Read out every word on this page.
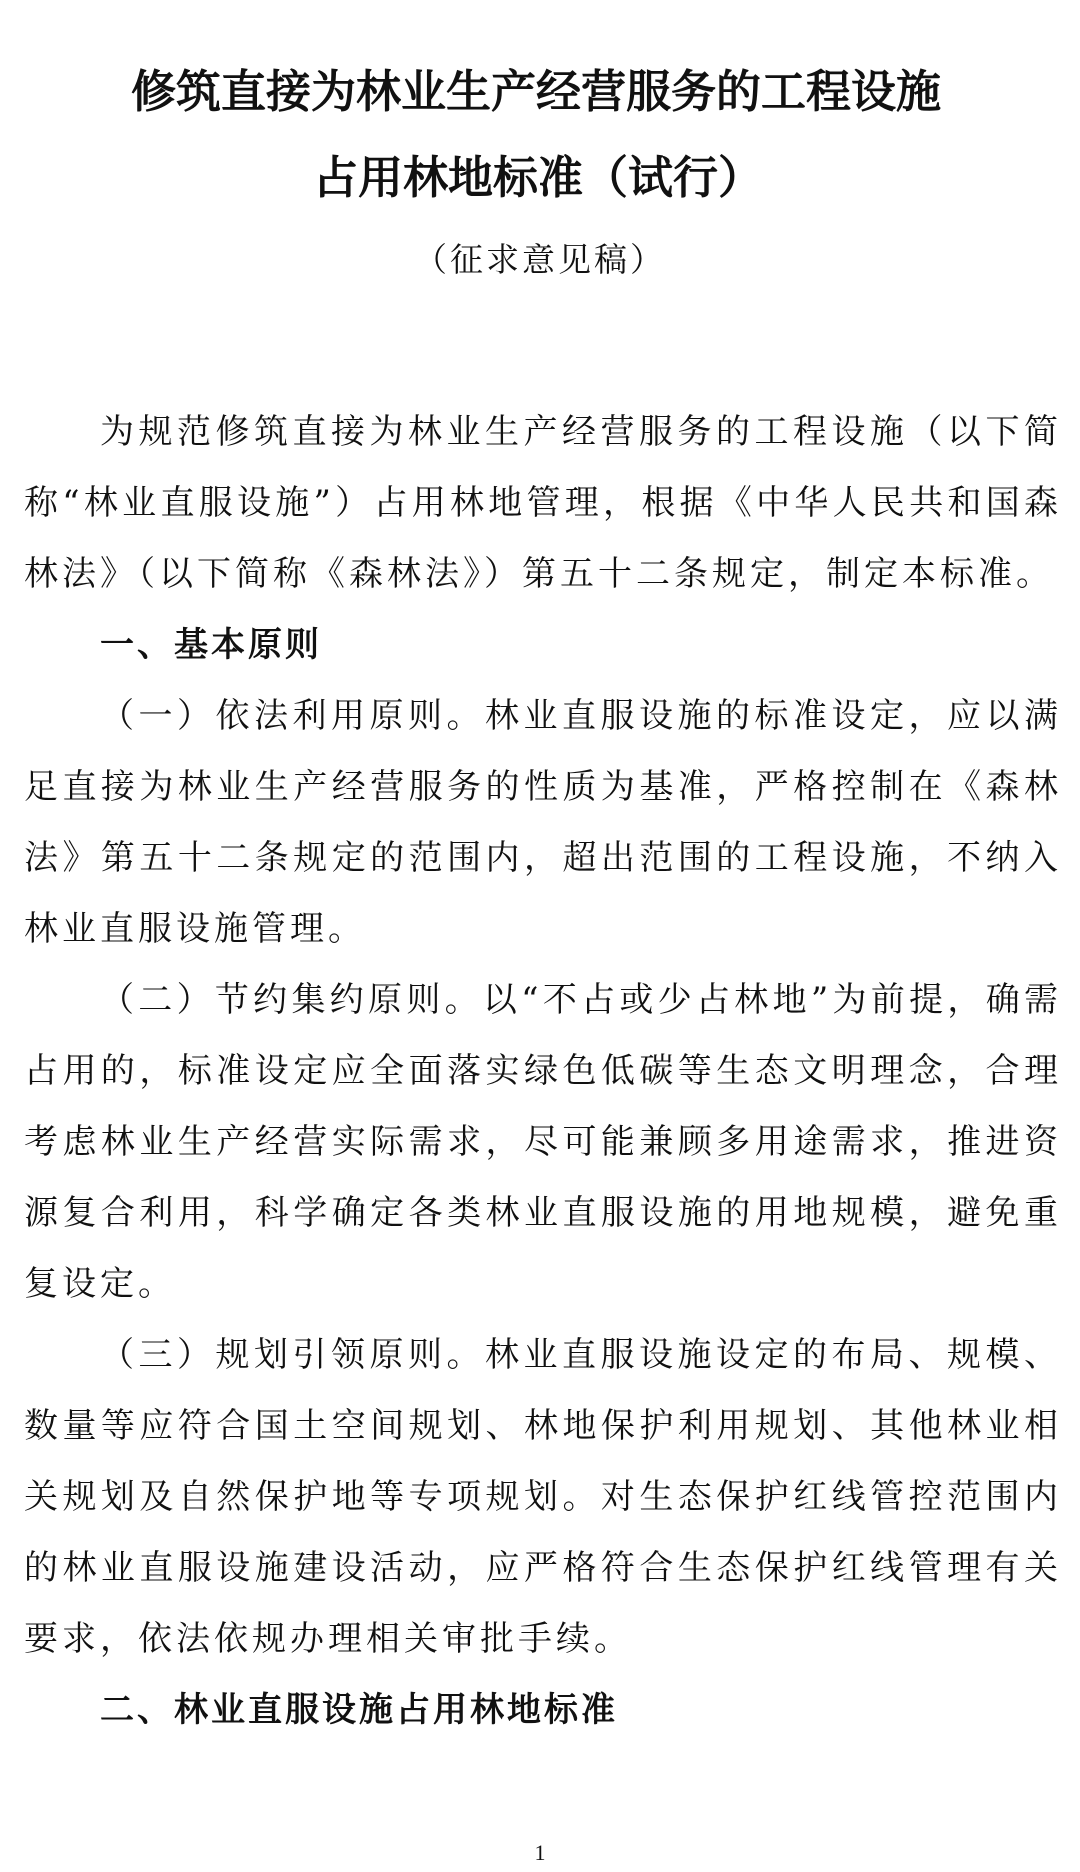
修筑直接为林业生产经营服务的工程设施
占用林地标准（试行）
（征求意见稿）

为规范修筑直接为林业生产经营服务的工程设施（以下简称“林业直服设施”）占用林地管理，根据《中华人民共和国森林法》（以下简称《森林法》）第五十二条规定，制定本标准。

一、基本原则

（一）依法利用原则。林业直服设施的标准设定，应以满足直接为林业生产经营服务的性质为基准，严格控制在《森林法》第五十二条规定的范围内，超出范围的工程设施，不纳入林业直服设施管理。

（二）节约集约原则。以“不占或少占林地”为前提，确需占用的，标准设定应全面落实绿色低碳等生态文明理念，合理考虑林业生产经营实际需求，尽可能兼顾多用途需求，推进资源复合利用，科学确定各类林业直服设施的用地规模，避免重复设定。

（三）规划引领原则。林业直服设施设定的布局、规模、数量等应符合国土空间规划、林地保护利用规划、其他林业相关规划及自然保护地等专项规划。对生态保护红线管控范围内的林业直服设施建设活动，应严格符合生态保护红线管理有关要求，依法依规办理相关审批手续。

二、林业直服设施占用林地标准

1
